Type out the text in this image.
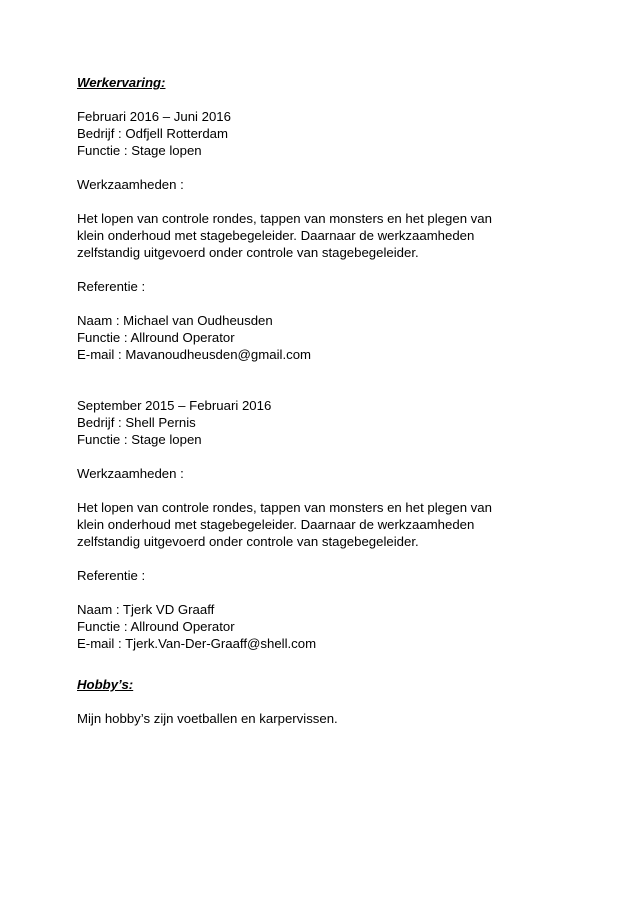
Werkervaring:
Februari 2016 – Juni 2016
Bedrijf : Odfjell Rotterdam
Functie : Stage lopen
Werkzaamheden :
Het lopen van controle rondes, tappen van monsters en het plegen van
klein onderhoud met stagebegeleider. Daarnaar de werkzaamheden
zelfstandig uitgevoerd onder controle van stagebegeleider.
Referentie :
Naam : Michael van Oudheusden
Functie : Allround Operator
E-mail : Mavanoudheusden@gmail.com
September 2015 – Februari 2016
Bedrijf : Shell Pernis
Functie : Stage lopen
Werkzaamheden :
Het lopen van controle rondes, tappen van monsters en het plegen van
klein onderhoud met stagebegeleider. Daarnaar de werkzaamheden
zelfstandig uitgevoerd onder controle van stagebegeleider.
Referentie :
Naam : Tjerk VD Graaff
Functie : Allround Operator
E-mail : Tjerk.Van-Der-Graaff@shell.com
Hobby’s:
Mijn hobby’s zijn voetballen en karpervissen.
